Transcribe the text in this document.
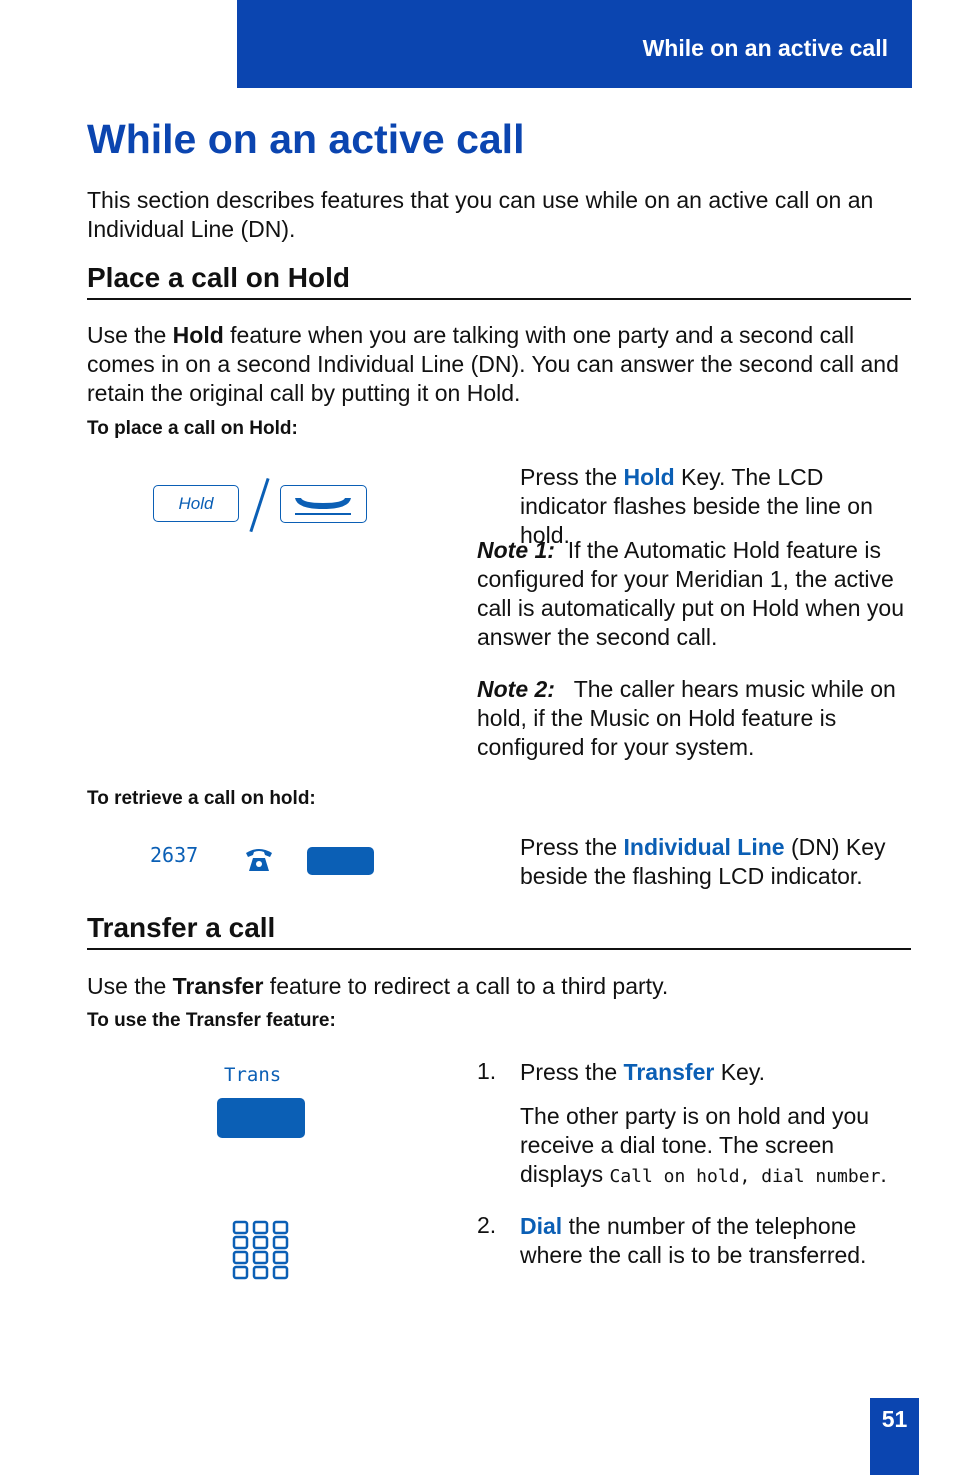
While on an active call
While on an active call

This section describes features that you can use while on an active call on an Individual Line (DN).

Place a call on Hold

Use the Hold feature when you are talking with one party and a second call comes in on a second Individual Line (DN). You can answer the second call and retain the original call by putting it on Hold.

To place a call on Hold:
Hold

Press the Hold Key. The LCD indicator flashes beside the line on hold.

Note 1: If the Automatic Hold feature is configured for your Meridian 1, the active call is automatically put on Hold when you answer the second call.

Note 2: The caller hears music while on hold, if the Music on Hold feature is configured for your system.

To retrieve a call on hold:
2637	Press the Individual Line (DN) Key beside the flashing LCD indicator.

Transfer a call

Use the Transfer feature to redirect a call to a third party.

To use the Transfer feature:
Trans	1. Press the Transfer Key.

The other party is on hold and you receive a dial tone. The screen displays Call on hold, dial number.

2. Dial the number of the telephone where the call is to be transferred.

51
